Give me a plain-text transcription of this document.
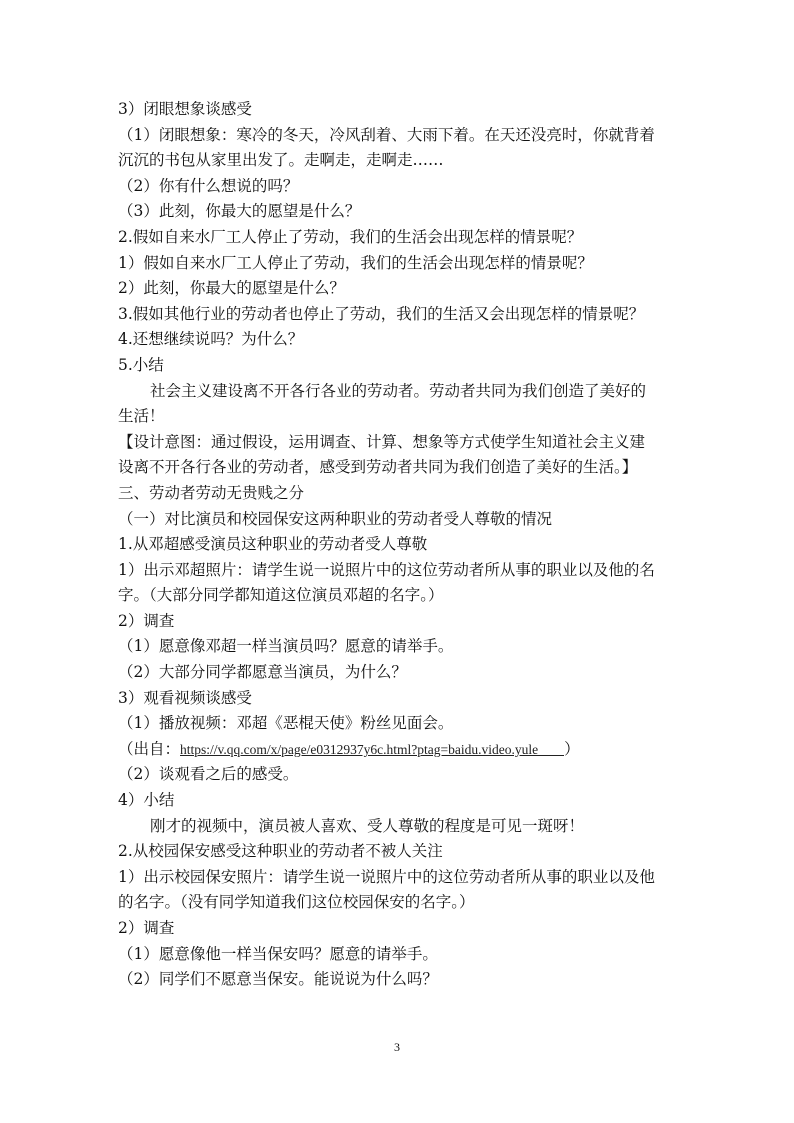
3）闭眼想象谈感受

（1）闭眼想象：寒冷的冬天，冷风刮着、大雨下着。在天还没亮时，你就背着

沉沉的书包从家里出发了。走啊走，走啊走……

（2）你有什么想说的吗？

（3）此刻，你最大的愿望是什么？

2.假如自来水厂工人停止了劳动，我们的生活会出现怎样的情景呢？

1）假如自来水厂工人停止了劳动，我们的生活会出现怎样的情景呢？

2）此刻，你最大的愿望是什么？

3.假如其他行业的劳动者也停止了劳动，我们的生活又会出现怎样的情景呢？

4.还想继续说吗？为什么？

5.小结

社会主义建设离不开各行各业的劳动者。劳动者共同为我们创造了美好的

生活！

【设计意图：通过假设，运用调查、计算、想象等方式使学生知道社会主义建

设离不开各行各业的劳动者，感受到劳动者共同为我们创造了美好的生活。】

三、劳动者劳动无贵贱之分

（一）对比演员和校园保安这两种职业的劳动者受人尊敬的情况

1.从邓超感受演员这种职业的劳动者受人尊敬

1）出示邓超照片：请学生说一说照片中的这位劳动者所从事的职业以及他的名

字。（大部分同学都知道这位演员邓超的名字。）

2）调查

（1）愿意像邓超一样当演员吗？愿意的请举手。

（2）大部分同学都愿意当演员，为什么？

3）观看视频谈感受

（1）播放视频：邓超《恶棍天使》粉丝见面会。

（出自：https://v.qq.com/x/page/e0312937y6c.html?ptag=baidu.video.yule ）

（2）谈观看之后的感受。

4）小结

刚才的视频中，演员被人喜欢、受人尊敬的程度是可见一斑呀！

2.从校园保安感受这种职业的劳动者不被人关注

1）出示校园保安照片：请学生说一说照片中的这位劳动者所从事的职业以及他

的名字。（没有同学知道我们这位校园保安的名字。）

2）调查

（1）愿意像他一样当保安吗？愿意的请举手。

（2）同学们不愿意当保安。能说说为什么吗？

3
